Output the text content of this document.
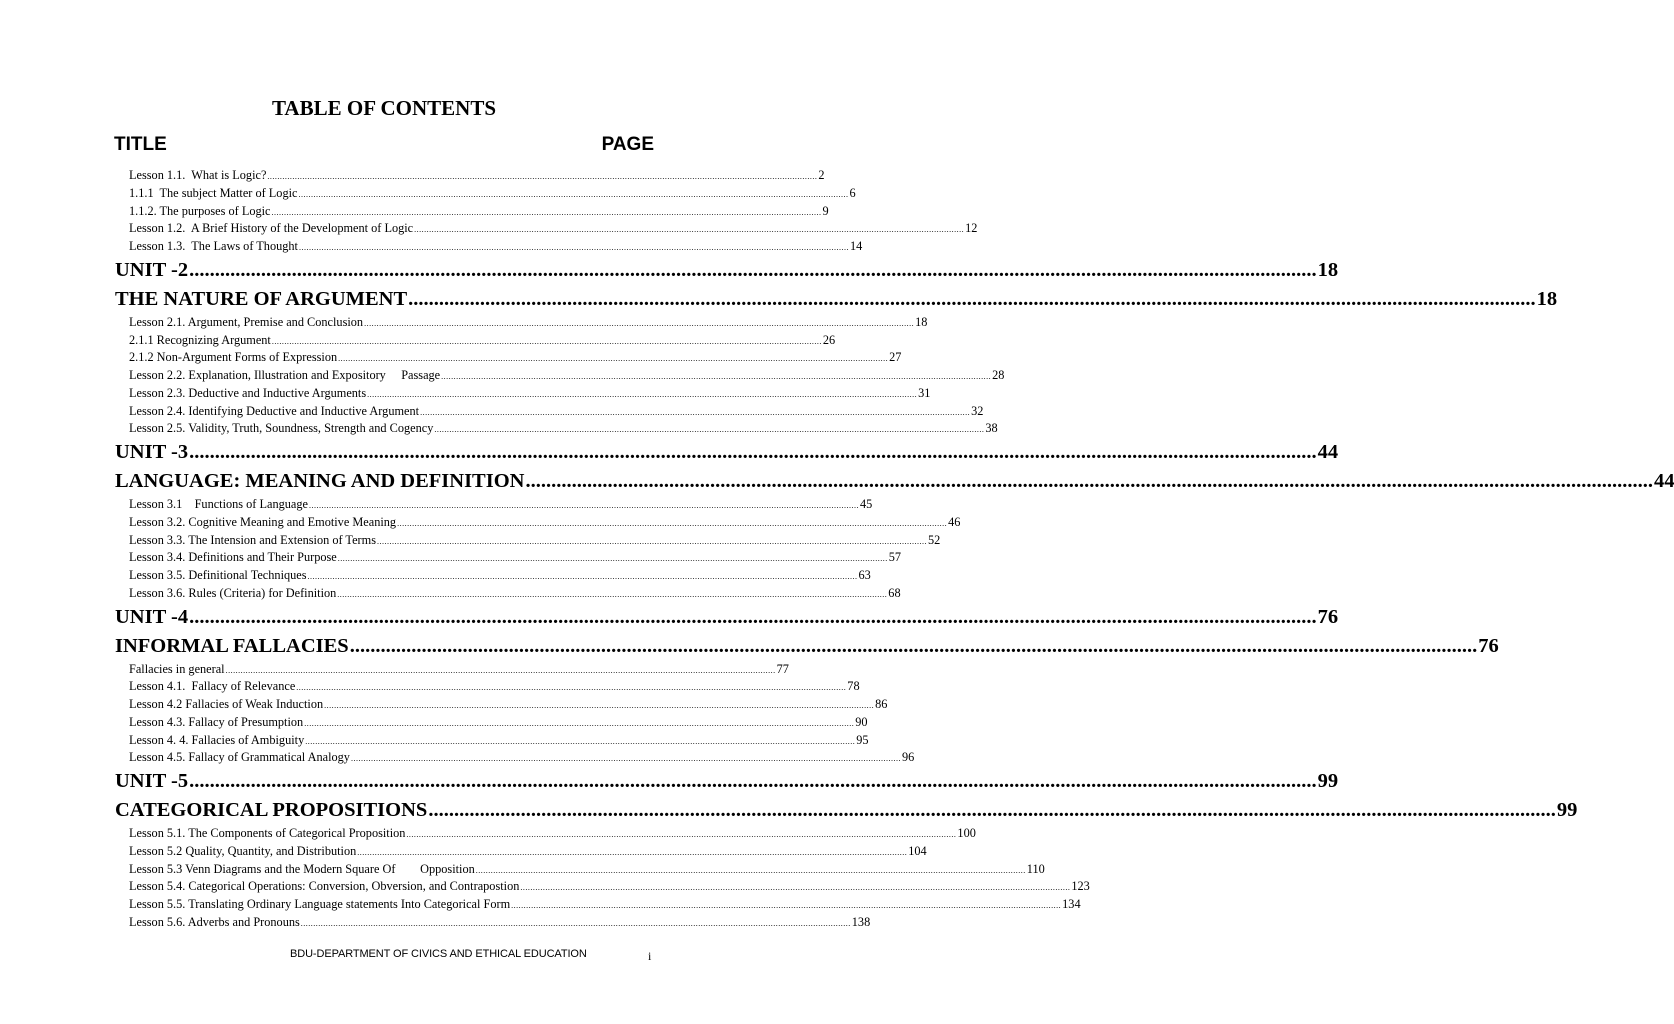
TABLE OF CONTENTS
TITLE	PAGE
Lesson 1.1.  What is Logic? ............................................................................................................................................................................................................................ 2
1.1.1  The subject Matter of Logic ............................................................................................................................................................................................................................ 6
1.1.2. The purposes of Logic ............................................................................................................................................................................................................................ 9
Lesson 1.2.  A Brief History of the Development of Logic ............................................................................................................................................................................................................................ 12
Lesson 1.3.  The Laws of Thought ............................................................................................................................................................................................................................ 14
UNIT -2 ............................................................................................................................................................................................................................ 18
THE NATURE OF ARGUMENT ............................................................................................................................................................................................................................ 18
Lesson 2.1. Argument, Premise and Conclusion ............................................................................................................................................................................................................................ 18
2.1.1 Recognizing Argument ............................................................................................................................................................................................................................ 26
2.1.2 Non-Argument Forms of Expression ............................................................................................................................................................................................................................ 27
Lesson 2.2. Explanation, Illustration and Expository     Passage ............................................................................................................................................................................................................................ 28
Lesson 2.3. Deductive and Inductive Arguments ............................................................................................................................................................................................................................ 31
Lesson 2.4. Identifying Deductive and Inductive Argument ............................................................................................................................................................................................................................ 32
Lesson 2.5. Validity, Truth, Soundness, Strength and Cogency ............................................................................................................................................................................................................................ 38
UNIT -3 ............................................................................................................................................................................................................................ 44
LANGUAGE: MEANING AND DEFINITION ............................................................................................................................................................................................................................ 44
Lesson 3.1    Functions of Language ............................................................................................................................................................................................................................ 45
Lesson 3.2. Cognitive Meaning and Emotive Meaning ............................................................................................................................................................................................................................ 46
Lesson 3.3. The Intension and Extension of Terms ............................................................................................................................................................................................................................ 52
Lesson 3.4. Definitions and Their Purpose ............................................................................................................................................................................................................................ 57
Lesson 3.5. Definitional Techniques ............................................................................................................................................................................................................................ 63
Lesson 3.6. Rules (Criteria) for Definition ............................................................................................................................................................................................................................ 68
UNIT -4 ............................................................................................................................................................................................................................ 76
INFORMAL FALLACIES ............................................................................................................................................................................................................................ 76
Fallacies in general ............................................................................................................................................................................................................................ 77
Lesson 4.1.  Fallacy of Relevance ............................................................................................................................................................................................................................ 78
Lesson 4.2 Fallacies of Weak Induction ............................................................................................................................................................................................................................ 86
Lesson 4.3. Fallacy of Presumption ............................................................................................................................................................................................................................ 90
Lesson 4. 4. Fallacies of Ambiguity ............................................................................................................................................................................................................................ 95
Lesson 4.5. Fallacy of Grammatical Analogy ............................................................................................................................................................................................................................ 96
UNIT -5 ............................................................................................................................................................................................................................ 99
CATEGORICAL PROPOSITIONS ............................................................................................................................................................................................................................ 99
Lesson 5.1. The Components of Categorical Proposition ............................................................................................................................................................................................................................ 100
Lesson 5.2 Quality, Quantity, and Distribution ............................................................................................................................................................................................................................ 104
Lesson 5.3 Venn Diagrams and the Modern Square Of        Opposition ............................................................................................................................................................................................................................ 110
Lesson 5.4. Categorical Operations: Conversion, Obversion, and Contrapostion ............................................................................................................................................................................................................................ 123
Lesson 5.5. Translating Ordinary Language statements Into Categorical Form ............................................................................................................................................................................................................................ 134
Lesson 5.6. Adverbs and Pronouns ............................................................................................................................................................................................................................ 138
BDU-DEPARTMENT OF CIVICS AND ETHICAL EDUCATION	i
